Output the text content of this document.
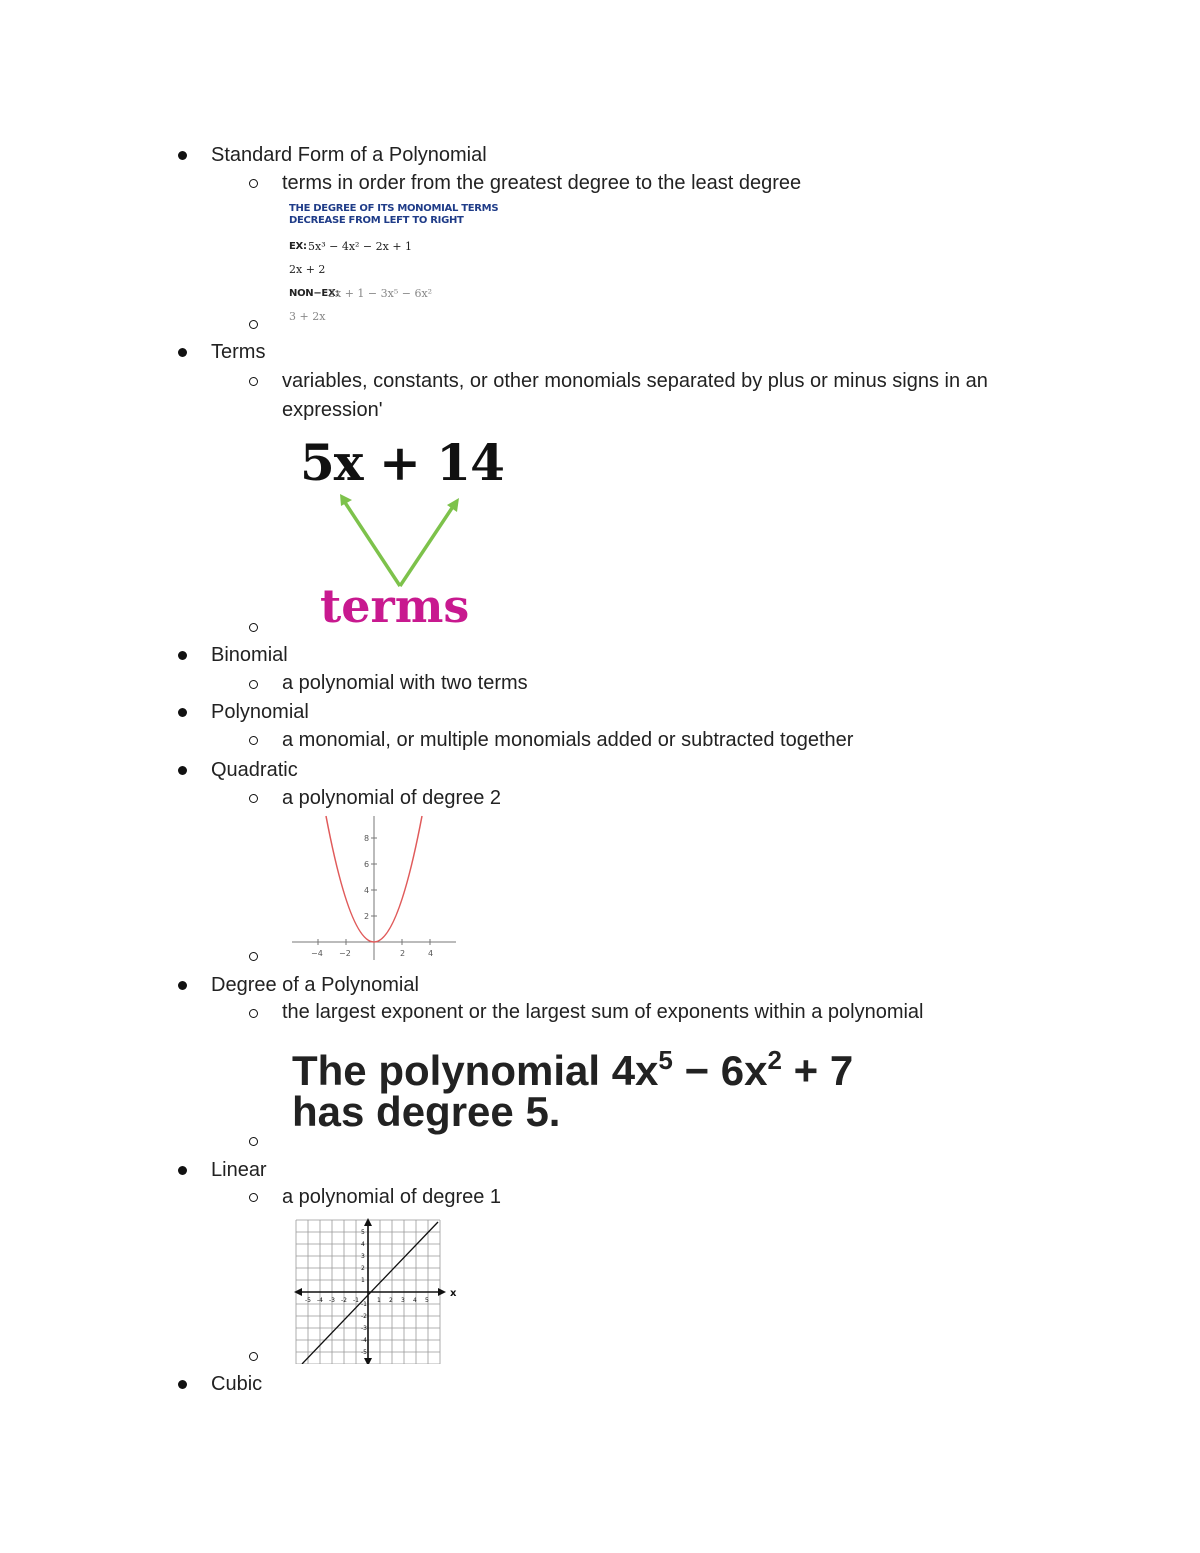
Standard Form of a Polynomial
terms in order from the greatest degree to the least degree
THE DEGREE OF ITS MONOMIAL TERMS
DECREASE FROM LEFT TO RIGHT
EX: 5x³ − 4x² − 2x + 1
2x + 2
NON−EX:
2x + 1 − 3x⁵ − 6x²
3 + 2x
Terms
variables, constants, or other monomials separated by plus or minus signs in an expression'
5x + 14
terms
Binomial
a polynomial with two terms
Polynomial
a monomial, or multiple monomials added or subtracted together
Quadratic
a polynomial of degree 2
8
6
4
2
−4 −2	2	4
Degree of a Polynomial
the largest exponent or the largest sum of exponents within a polynomial
The polynomial $4x^5 - 6x^2 + 7$
has degree 5.
Linear
a polynomial of degree 1
x
-5 -4 -3 -2 -1	1 2 3 4 5
5
4
3
2
1
-1
-2
-3
-4
-5
Cubic
